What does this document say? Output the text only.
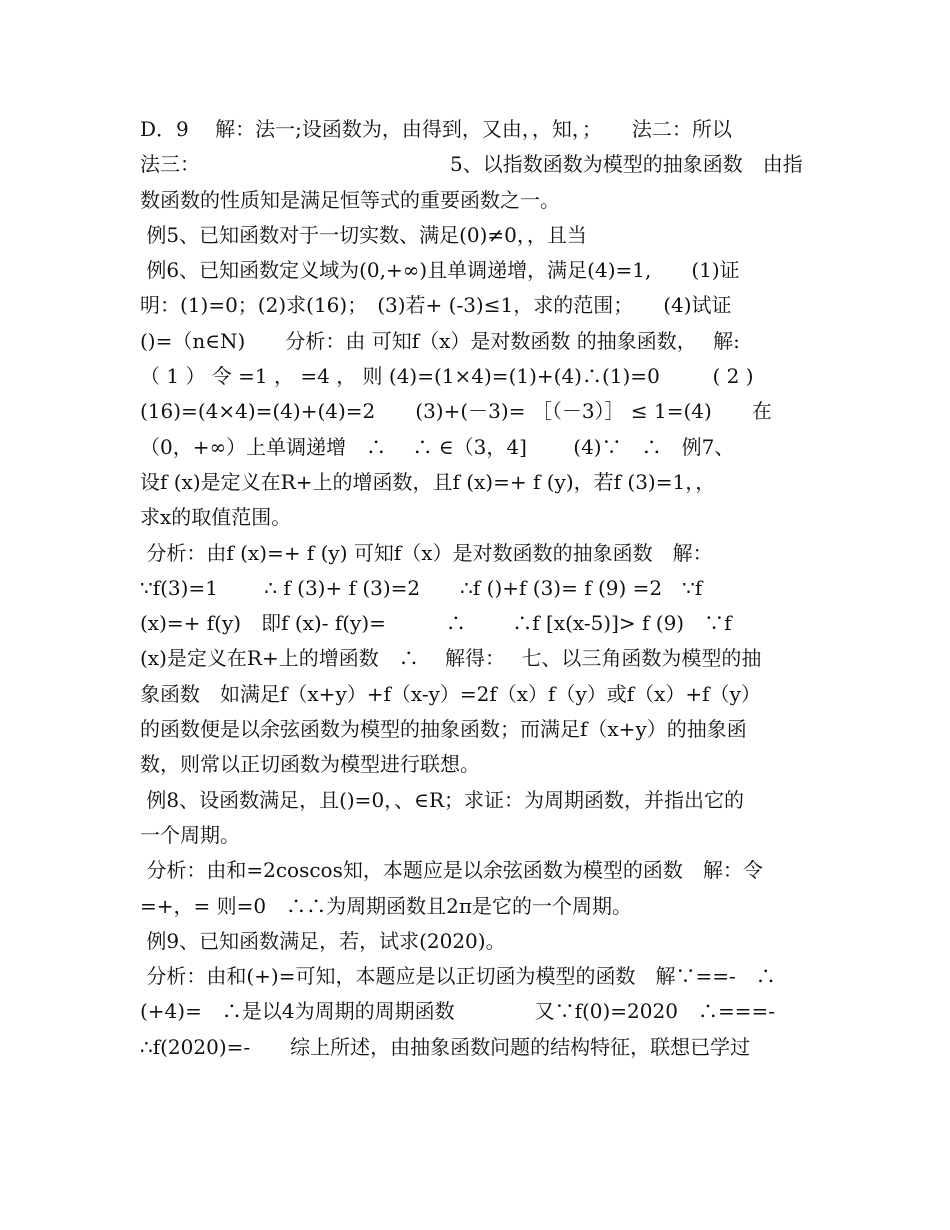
D．9　 解：法一;设函数为，由得到，又由，，知，；　　法二：所以
法三：　　　　　　　　　　　　　5、以指数函数为模型的抽象函数　由指
数函数的性质知是满足恒等式的重要函数之一。
例5、已知函数对于一切实数、满足(0)≠0，，且当
例6、已知函数定义域为(0,+∞)且单调递增，满足(4)=1,　　(1)证
明：(1)=0；(2)求(16)；　(3)若+ (-3)≤1，求的范围；　　(4)试证
()=（n∈N)　　分析：由 可知f（x）是对数函数 的抽象函数，　 解:
（ 1 ） 令 =1 ， =4 ， 则 (4)=(1×4)=(1)+(4)∴(1)=0 　　 ( 2 )
(16)=(4×4)=(4)+(4)=2　　(3)+(－3)= ［（－3）］ ≤ 1=(4)　　在
（0，+∞）上单调递增　∴　 ∴ ∈（3，4]　　 (4)∵　∴　例7、
设f (x)是定义在R+上的增函数，且f (x)=+ f (y)，若f (3)=1，，
求x的取值范围。
分析：由f (x)=+ f (y) 可知f（x）是对数函数的抽象函数　解：
∵f(3)=1　　 ∴ f (3)+ f (3)=2　　∴f ()+f (3)= f (9) =2　∵f
(x)=+ f(y)　即f (x)- f(y)=　　　∴　　 ∴f [x(x-5)]> f (9)　∵f
(x)是定义在R+上的增函数　∴　 解得：　 七、以三角函数为模型的抽
象函数　如满足f（x+y）+f（x-y）=2f（x）f（y）或f（x）+f（y）
的函数便是以余弦函数为模型的抽象函数；而满足f（x+y）的抽象函
数，则常以正切函数为模型进行联想。
例8、设函数满足，且()=0，、∈R；求证：为周期函数，并指出它的
一个周期。
分析：由和=2coscos知，本题应是以余弦函数为模型的函数　解：令
=+，= 则=0　∴∴为周期函数且2π是它的一个周期。
例9、已知函数满足，若，试求(2020)。
分析：由和(+)=可知，本题应是以正切函为模型的函数　解∵==-　∴
(+4)=　∴是以4为周期的周期函数　　　　又∵f(0)=2020　∴===-
∴f(2020)=-　　综上所述，由抽象函数问题的结构特征，联想已学过
